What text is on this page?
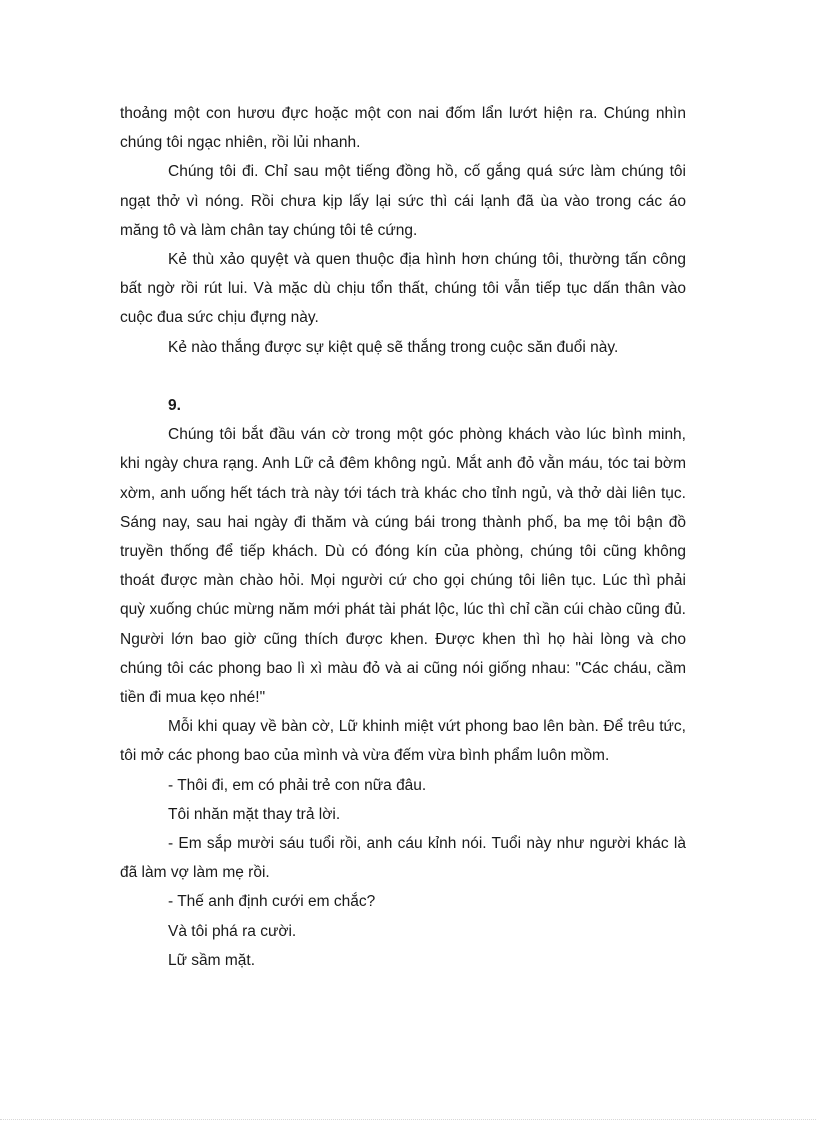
thoảng một con hươu đực hoặc một con nai đốm lẩn lướt hiện ra. Chúng nhìn chúng tôi ngạc nhiên, rồi lủi nhanh.

Chúng tôi đi. Chỉ sau một tiếng đồng hồ, cố gắng quá sức làm chúng tôi ngạt thở vì nóng. Rồi chưa kịp lấy lại sức thì cái lạnh đã ùa vào trong các áo măng tô và làm chân tay chúng tôi tê cứng.

Kẻ thù xảo quyệt và quen thuộc địa hình hơn chúng tôi, thường tấn công bất ngờ rồi rút lui. Và mặc dù chịu tổn thất, chúng tôi vẫn tiếp tục dấn thân vào cuộc đua sức chịu đựng này.

Kẻ nào thắng được sự kiệt quệ sẽ thắng trong cuộc săn đuổi này.

9.

Chúng tôi bắt đầu ván cờ trong một góc phòng khách vào lúc bình minh, khi ngày chưa rạng. Anh Lữ cả đêm không ngủ. Mắt anh đỏ vằn máu, tóc tai bờm xờm, anh uống hết tách trà này tới tách trà khác cho tỉnh ngủ, và thở dài liên tục. Sáng nay, sau hai ngày đi thăm và cúng bái trong thành phố, ba mẹ tôi bận đồ truyền thống để tiếp khách. Dù có đóng kín của phòng, chúng tôi cũng không thoát được màn chào hỏi. Mọi người cứ cho gọi chúng tôi liên tục. Lúc thì phải quỳ xuống chúc mừng năm mới phát tài phát lộc, lúc thì chỉ cần cúi chào cũng đủ. Người lớn bao giờ cũng thích được khen. Được khen thì họ hài lòng và cho chúng tôi các phong bao lì xì màu đỏ và ai cũng nói giống nhau: "Các cháu, cầm tiền đi mua kẹo nhé!"

Mỗi khi quay về bàn cờ, Lữ khinh miệt vứt phong bao lên bàn. Để trêu tức, tôi mở các phong bao của mình và vừa đếm vừa bình phẩm luôn mồm.

- Thôi đi, em có phải trẻ con nữa đâu.

Tôi nhăn mặt thay trả lời.

- Em sắp mười sáu tuổi rồi, anh cáu kỉnh nói. Tuổi này như người khác là đã làm vợ làm mẹ rồi.

- Thế anh định cưới em chắc?

Và tôi phá ra cười.

Lữ sầm mặt.
